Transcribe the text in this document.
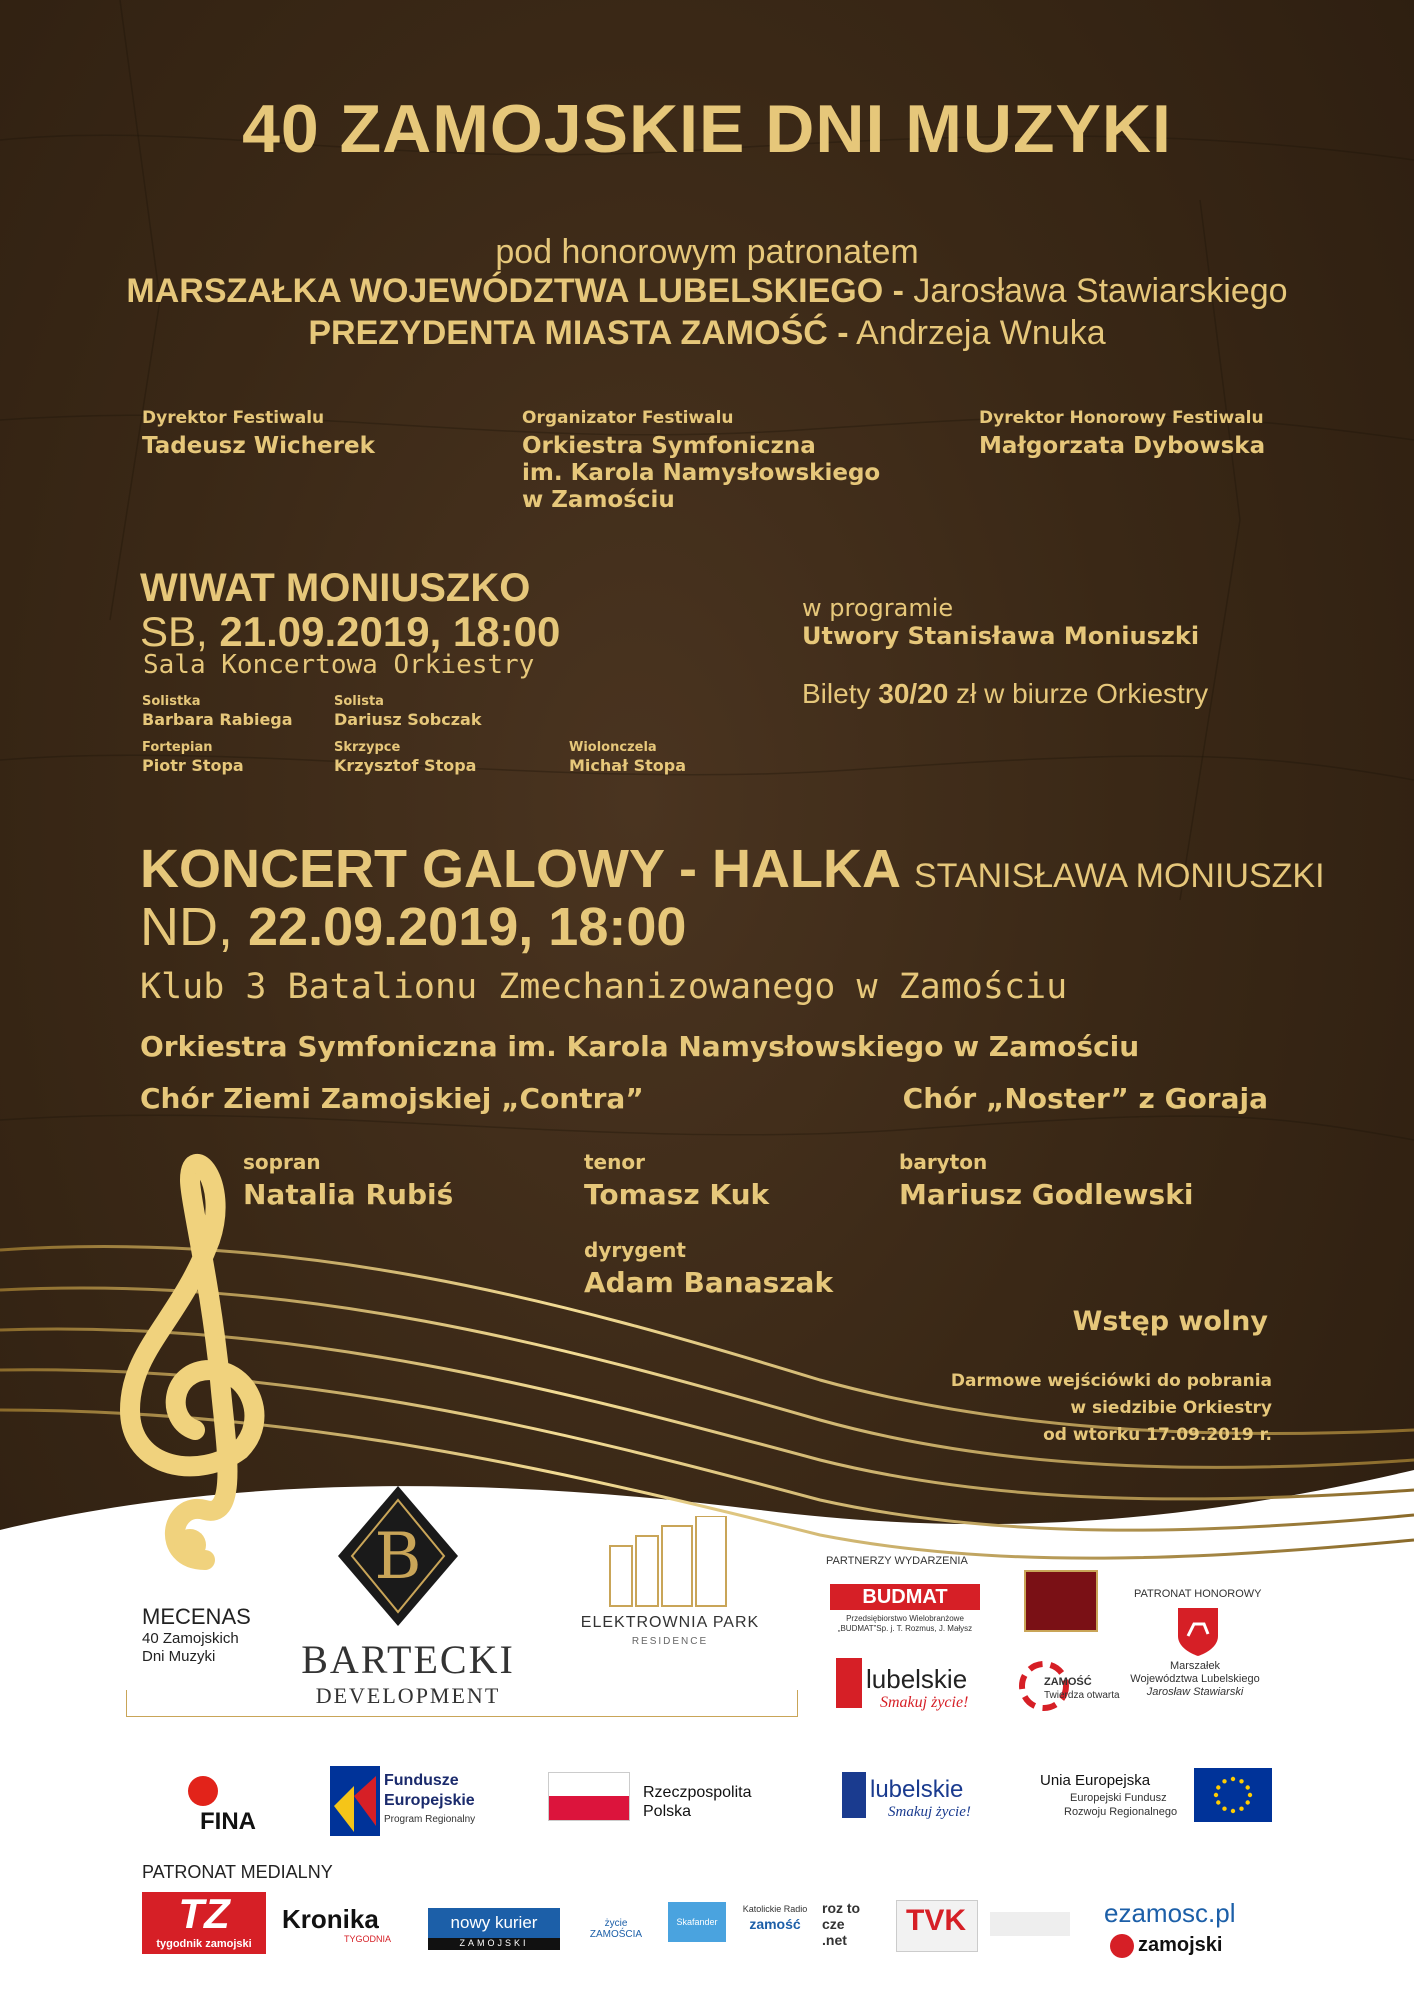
40 ZAMOJSKIE DNI MUZYKI
pod honorowym patronatem
MARSZAŁKA WOJEWÓDZTWA LUBELSKIEGO - Jarosława Stawiarskiego
PREZYDENTA MIASTA ZAMOŚĆ - Andrzeja Wnuka
Dyrektor Festiwalu
Tadeusz Wicherek
Organizator Festiwalu
Orkiestra Symfoniczna
im. Karola Namysłowskiego
w Zamościu
Dyrektor Honorowy Festiwalu
Małgorzata Dybowska
WIWAT MONIUSZKO
SB, 21.09.2019, 18:00
Sala Koncertowa Orkiestry
Solistka
Barbara Rabiega
Solista
Dariusz Sobczak
Fortepian
Piotr Stopa
Skrzypce
Krzysztof Stopa
Wiolonczela
Michał Stopa
w programie
Utwory Stanisława Moniuszki
Bilety 30/20 zł w biurze Orkiestry
KONCERT GALOWY - HALKA STANISŁAWA MONIUSZKI
ND, 22.09.2019, 18:00
Klub 3 Batalionu Zmechanizowanego w Zamościu
Orkiestra Symfoniczna im. Karola Namysłowskiego w Zamościu
Chór Ziemi Zamojskiej „Contra”	Chór „Noster” z Goraja
sopran
Natalia Rubiś
tenor
Tomasz Kuk
baryton
Mariusz Godlewski
dyrygent
Adam Banaszak
Wstęp wolny
Darmowe wejściówki do pobrania
w siedzibie Orkiestry
od wtorku 17.09.2019 r.
MECENAS
40 Zamojskich
Dni Muzyki
B
BARTECKI
DEVELOPMENT
ELEKTROWNIA PARK
RESIDENCE
PARTNERZY WYDARZENIA
BUDMAT
Przedsiębiorstwo Wielobranżowe
„BUDMAT”Sp. j. T. Rozmus, J. Małysz
PATRONAT HONOROWY
Marszałek
Województwa Lubelskiego
Jarosław Stawiarski
lubelskie
Smakuj życie!
ZAMOŚĆ
Twierdza otwarta
FINA
Fundusze
Europejskie
Program Regionalny
Rzeczpospolita
Polska
lubelskie
Smakuj życie!
Unia Europejska
Europejski Fundusz
Rozwoju Regionalnego
PATRONAT MEDIALNY
TZ
tygodnik zamojski
Kronika
TYGODNIA
nowy kurier
ZAMOJSKI
życie ZAMOŚCIA
Skafander
Katolickie Radio
zamość
roz to cze .net
TVK	ezamosc.pl
zamojski
